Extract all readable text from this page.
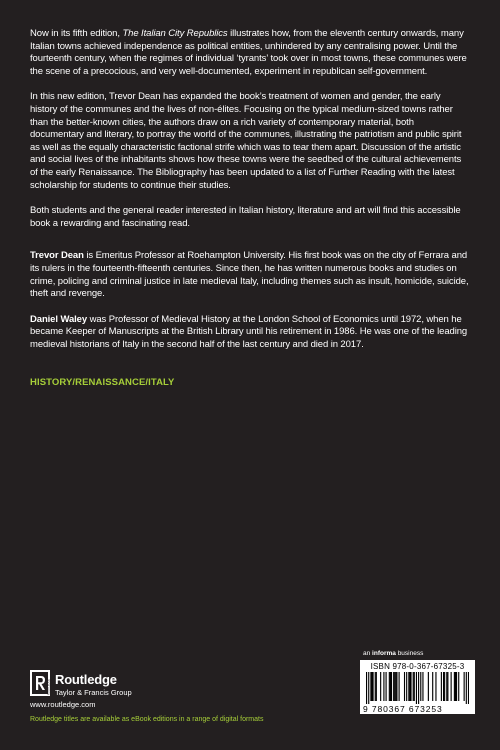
Now in its fifth edition, The Italian City Republics illustrates how, from the eleventh century onwards, many Italian towns achieved independence as political entities, unhindered by any centralising power. Until the fourteenth century, when the regimes of individual ‘tyrants’ took over in most towns, these communes were the scene of a precocious, and very well-documented, experiment in republican self-government.

In this new edition, Trevor Dean has expanded the book’s treatment of women and gender, the early history of the communes and the lives of non-élites. Focusing on the typical medium-sized towns rather than the better-known cities, the authors draw on a rich variety of contemporary material, both documentary and literary, to portray the world of the communes, illustrating the patriotism and public spirit as well as the equally characteristic factional strife which was to tear them apart. Discussion of the artistic and social lives of the inhabitants shows how these towns were the seedbed of the cultural achievements of the early Renaissance. The Bibliography has been updated to a list of Further Reading with the latest scholarship for students to continue their studies.

Both students and the general reader interested in Italian history, literature and art will find this accessible book a rewarding and fascinating read.

Trevor Dean is Emeritus Professor at Roehampton University. His first book was on the city of Ferrara and its rulers in the fourteenth-fifteenth centuries. Since then, he has written numerous books and studies on crime, policing and criminal justice in late medieval Italy, including themes such as insult, homicide, suicide, theft and revenge.

Daniel Waley was Professor of Medieval History at the London School of Economics until 1972, when he became Keeper of Manuscripts at the British Library until his retirement in 1986. He was one of the leading medieval historians of Italy in the second half of the last century and died in 2017.

HISTORY/RENAISSANCE/ITALY
ROUTLEDGE Routledge
Taylor & Francis Group
www.routledge.com
an informa business
ISBN 978-0-367-67325-3
9 780367 673253
Routledge titles are available as eBook editions in a range of digital formats
